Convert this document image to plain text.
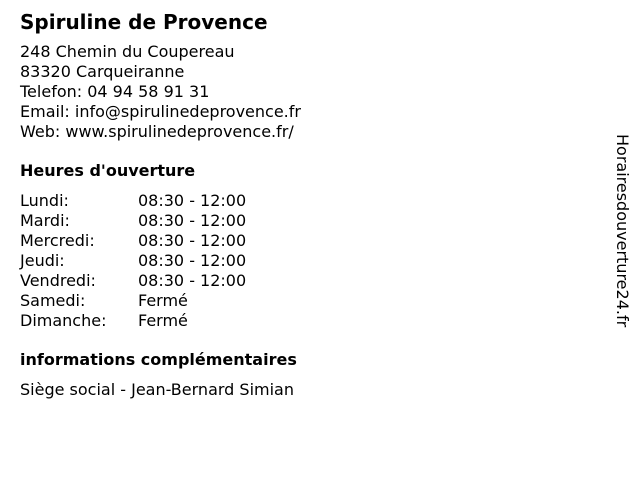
Spiruline de Provence
248 Chemin du Coupereau
83320 Carqueiranne
Telefon: 04 94 58 91 31
Email: info@spirulinedeprovence.fr
Web: www.spirulinedeprovence.fr/
Heures d'ouverture
Lundi:	08:30 - 12:00
Mardi:	08:30 - 12:00
Mercredi:	08:30 - 12:00
Jeudi:	08:30 - 12:00
Vendredi:	08:30 - 12:00
Samedi:	Fermé
Dimanche:	Fermé
informations complémentaires
Siège social - Jean-Bernard Simian
Horairesdouverture24.fr
